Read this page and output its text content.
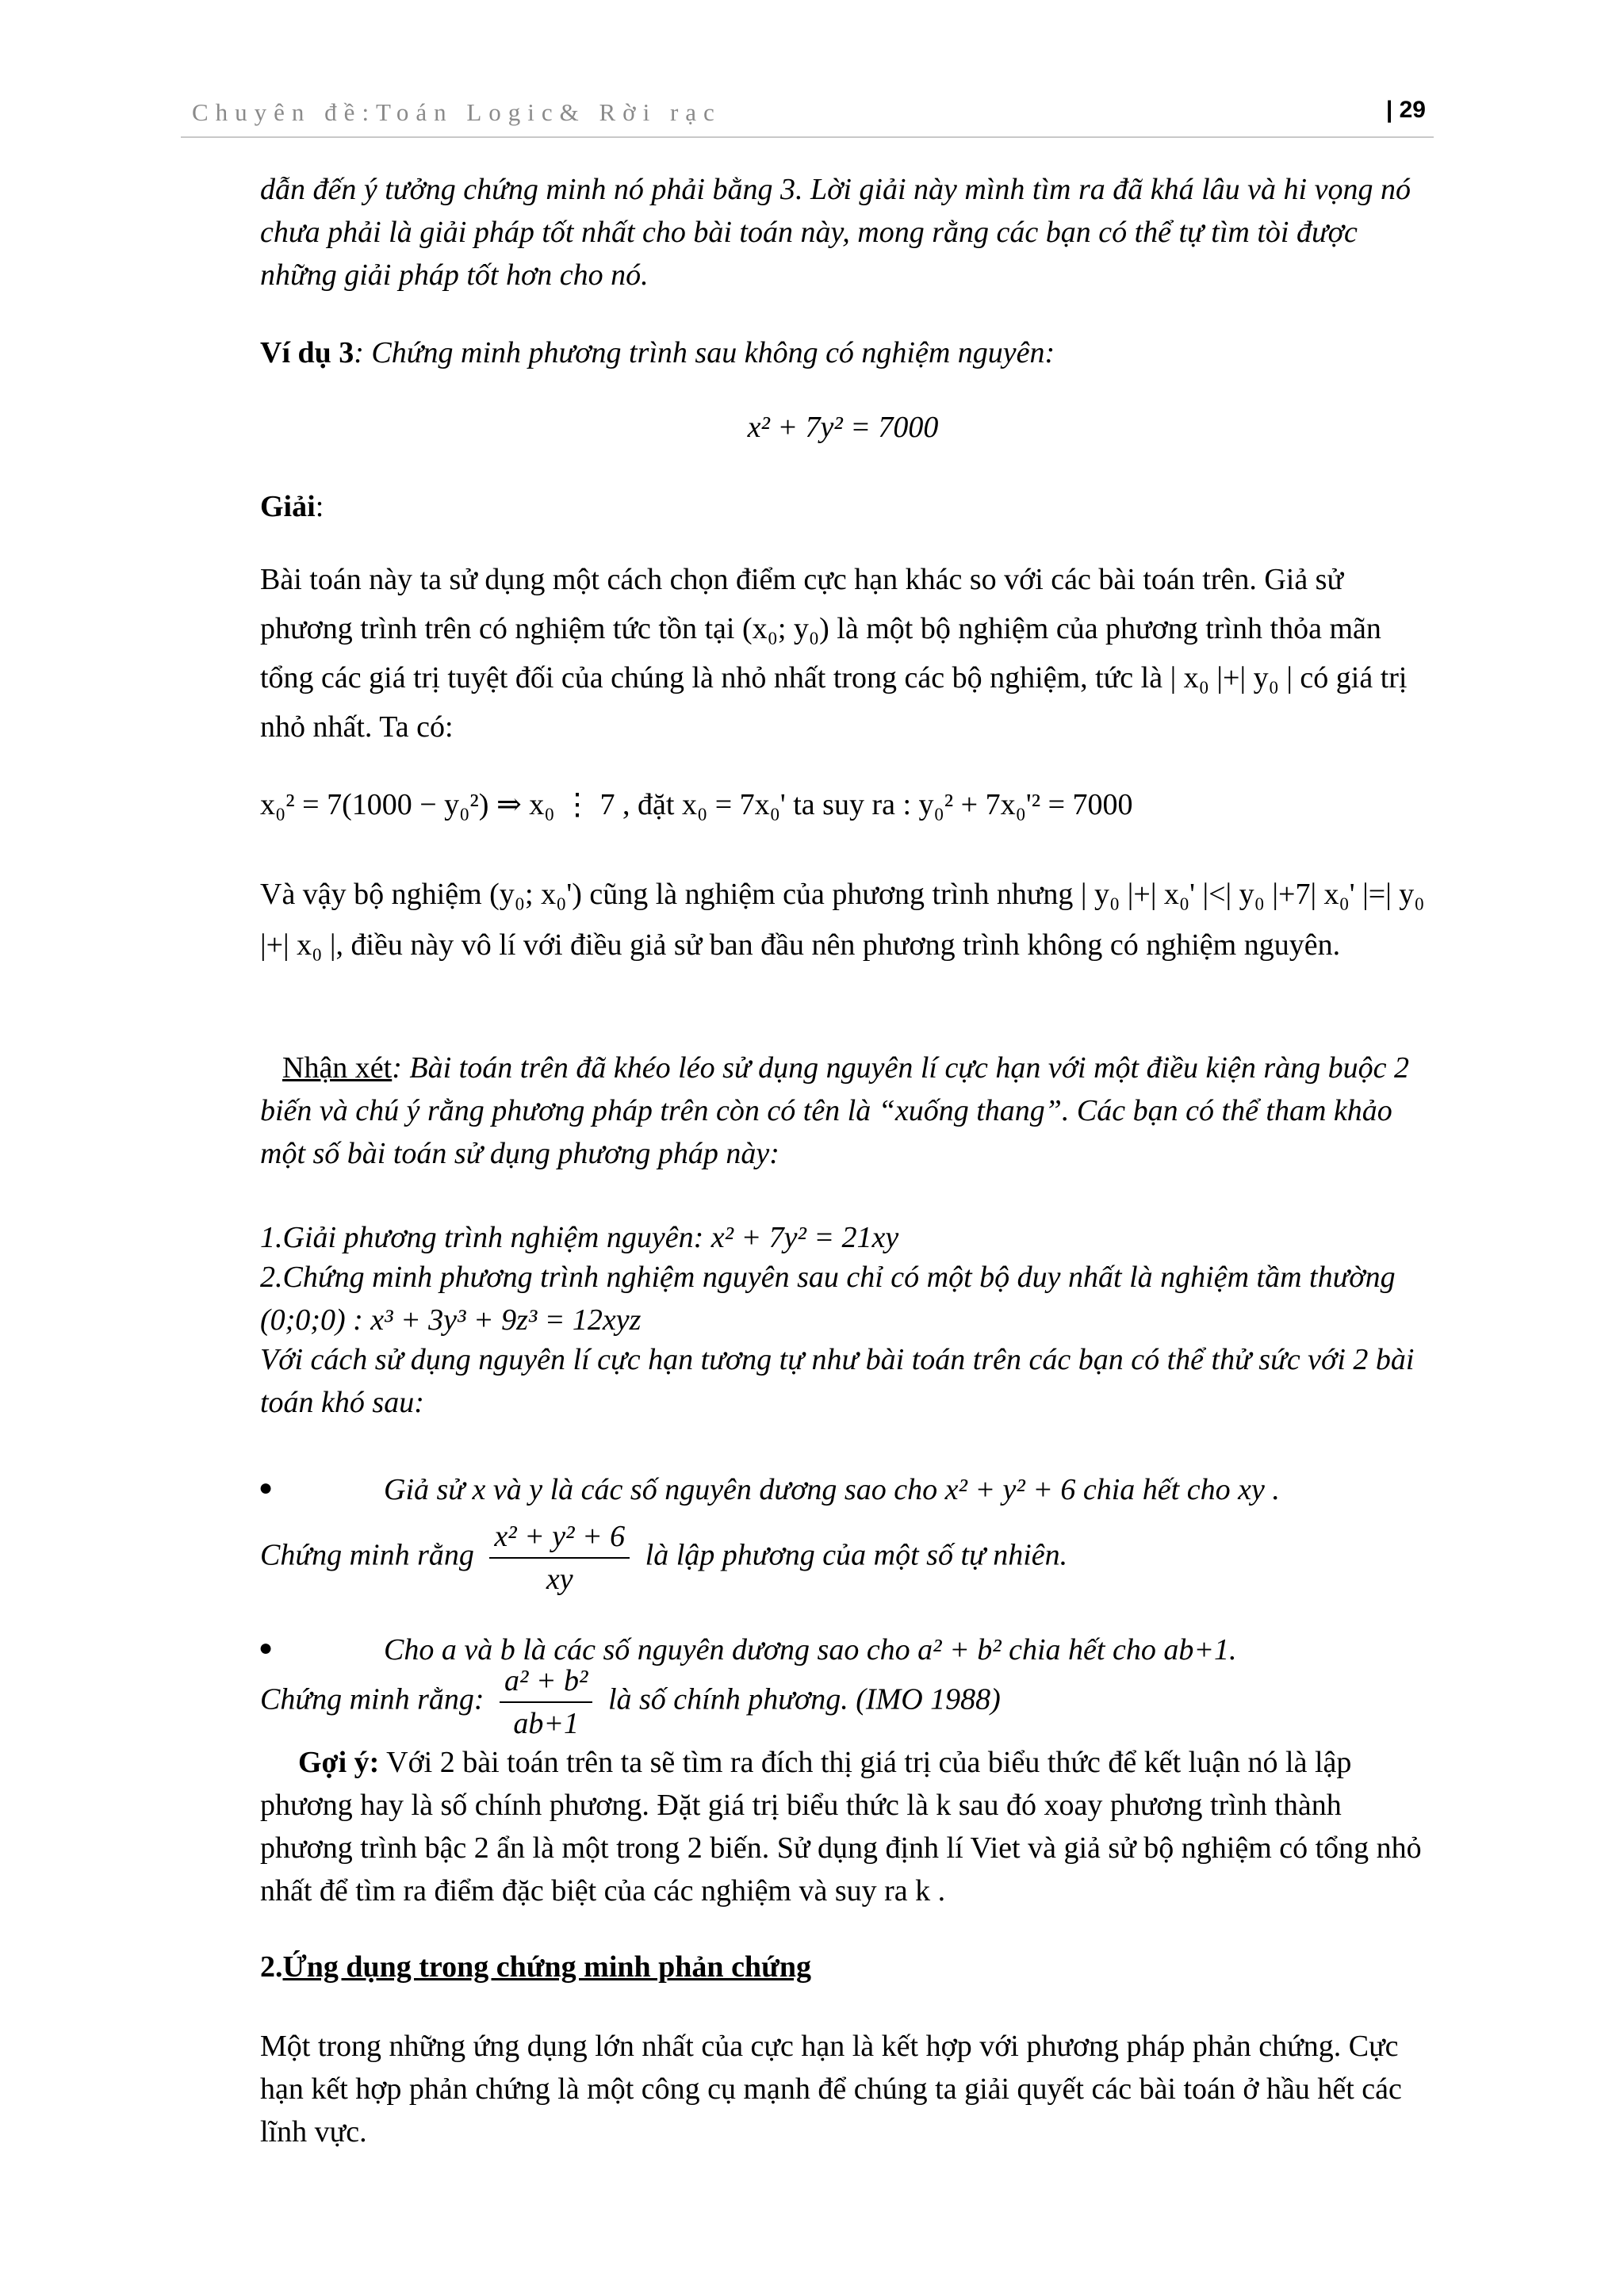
Chuyên đề:Toán Logic& Rời rạc	| 29
dẫn đến ý tưởng chứng minh nó phải bằng 3. Lời giải này mình tìm ra đã khá lâu và hi vọng nó chưa phải là giải pháp tốt nhất cho bài toán này, mong rằng các bạn có thể tự tìm tòi được những giải pháp tốt hơn cho nó.
Ví dụ 3: Chứng minh phương trình sau không có nghiệm nguyên:
x² + 7y² = 7000
Giải:
Bài toán này ta sử dụng một cách chọn điểm cực hạn khác so với các bài toán trên. Giả sử phương trình trên có nghiệm tức tồn tại (x₀; y₀) là một bộ nghiệm của phương trình thỏa mãn tổng các giá trị tuyệt đối của chúng là nhỏ nhất trong các bộ nghiệm, tức là | x₀ |+| y₀ | có giá trị nhỏ nhất. Ta có:
x₀² = 7(1000 − y₀²) ⇒ x₀ ⋮ 7 , đặt x₀ = 7x₀' ta suy ra : y₀² + 7x₀'² = 7000
Và vậy bộ nghiệm (y₀; x₀') cũng là nghiệm của phương trình nhưng | y₀ |+| x₀' |<| y₀ |+7| x₀' |=| y₀ |+| x₀ |, điều này vô lí với điều giả sử ban đầu nên phương trình không có nghiệm nguyên.
Nhận xét: Bài toán trên đã khéo léo sử dụng nguyên lí cực hạn với một điều kiện ràng buộc 2 biến và chú ý rằng phương pháp trên còn có tên là “xuống thang”. Các bạn có thể tham khảo một số bài toán sử dụng phương pháp này:
1.Giải phương trình nghiệm nguyên: x² + 7y² = 21xy
2.Chứng minh phương trình nghiệm nguyên sau chỉ có một bộ duy nhất là nghiệm tầm thường (0;0;0) : x³ + 3y³ + 9z³ = 12xyz
Với cách sử dụng nguyên lí cực hạn tương tự như bài toán trên các bạn có thể thử sức với 2 bài toán khó sau:
●	Giả sử x và y là các số nguyên dương sao cho x² + y² + 6 chia hết cho xy .
Chứng minh rằng $\frac{\text{x² + y² + 6}}{xy}$ là lập phương của một số tự nhiên.
●	Cho a và b là các số nguyên dương sao cho a² + b² chia hết cho ab+1.
Chứng minh rằng: $\frac{\text{a² + b²}}{ab+1}$ là số chính phương. (IMO 1988)
Gợi ý: Với 2 bài toán trên ta sẽ tìm ra đích thị giá trị của biểu thức để kết luận nó là lập phương hay là số chính phương. Đặt giá trị biểu thức là k sau đó xoay phương trình thành phương trình bậc 2 ẩn là một trong 2 biến. Sử dụng định lí Viet và giả sử bộ nghiệm có tổng nhỏ nhất để tìm ra điểm đặc biệt của các nghiệm và suy ra k .
2.Ứng dụng trong chứng minh phản chứng
Một trong những ứng dụng lớn nhất của cực hạn là kết hợp với phương pháp phản chứng. Cực hạn kết hợp phản chứng là một công cụ mạnh để chúng ta giải quyết các bài toán ở hầu hết các lĩnh vực.
